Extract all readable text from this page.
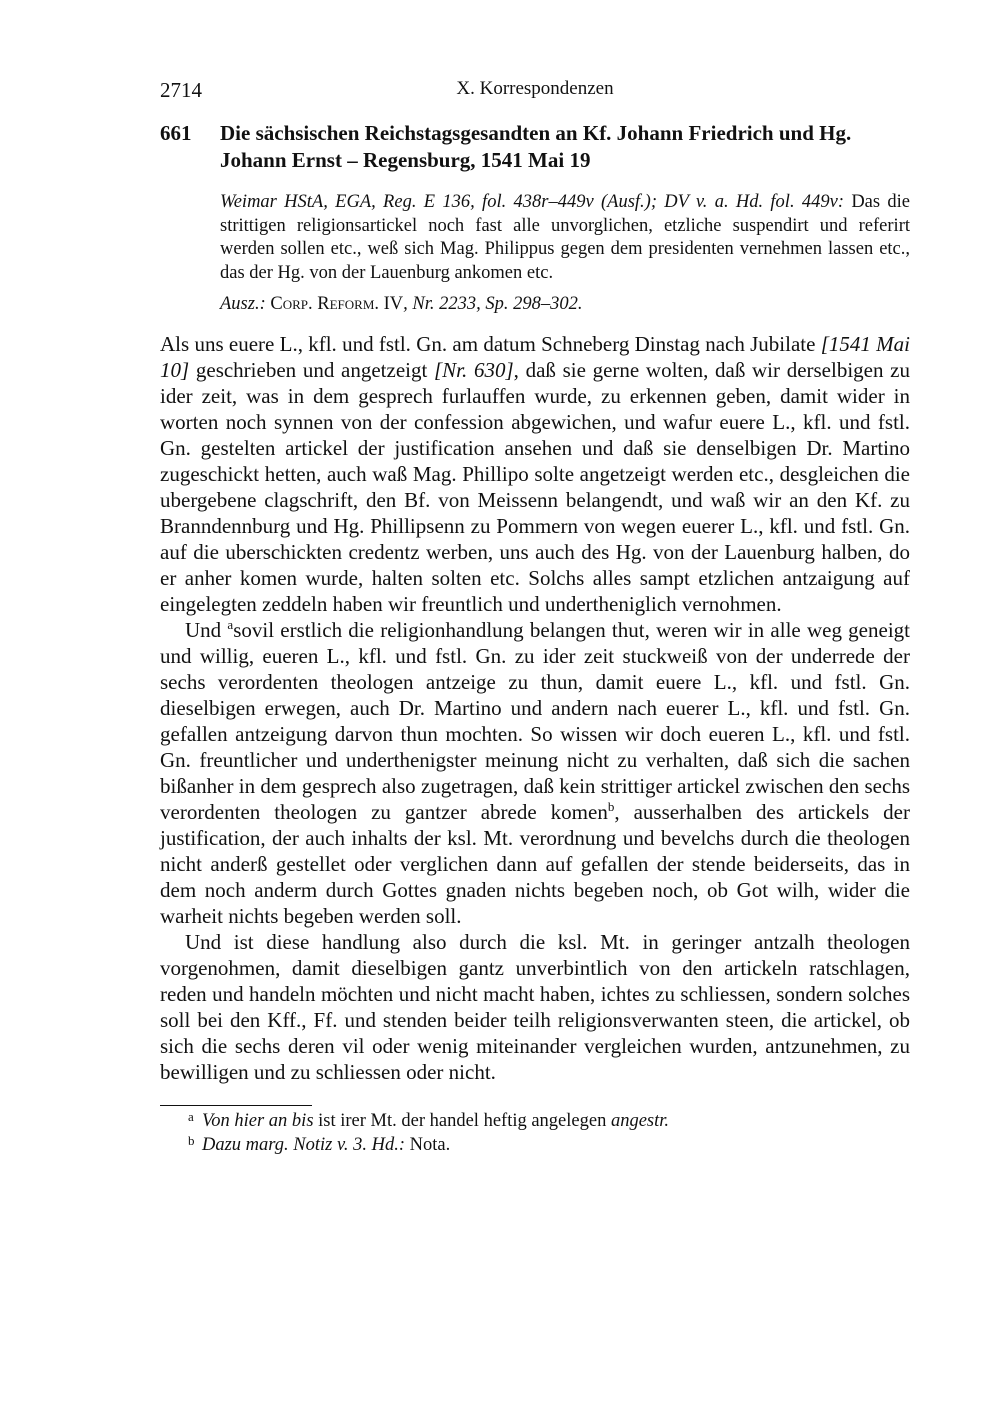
2714	X. Korrespondenzen
661 Die sächsischen Reichstagsgesandten an Kf. Johann Friedrich und Hg. Johann Ernst – Regensburg, 1541 Mai 19

Weimar HStA, EGA, Reg. E 136, fol. 438r–449v (Ausf.); DV v. a. Hd. fol. 449v: Das die strittigen religionsartickel noch fast alle unvorglichen, etzliche suspendirt und referirt werden sollen etc., weß sich Mag. Philippus gegen dem presidenten vernehmen lassen etc., das der Hg. von der Lauenburg ankomen etc.

Ausz.: Corp. Reform. IV, Nr. 2233, Sp. 298–302.

Als uns euere L., kfl. und fstl. Gn. am datum Schneberg Dinstag nach Jubilate [1541 Mai 10] geschrieben und angetzeigt [Nr. 630], daß sie gerne wolten, daß wir derselbigen zu ider zeit, was in dem gesprech furlauffen wurde, zu erkennen geben, damit wider in worten noch synnen von der confession abgewichen, und wafur euere L., kfl. und fstl. Gn. gestelten artickel der justification ansehen und daß sie denselbigen Dr. Martino zugeschickt hetten, auch waß Mag. Phillipo solte angetzeigt werden etc., desgleichen die ubergebene clagschrift, den Bf. von Meissenn belangendt, und waß wir an den Kf. zu Branndennburg und Hg. Phillipsenn zu Pommern von wegen euerer L., kfl. und fstl. Gn. auf die uberschickten credentz werben, uns auch des Hg. von der Lauenburg halben, do er anher komen wurde, halten solten etc. Solchs alles sampt etzlichen antzaigung auf eingelegten zeddeln haben wir freuntlich und undertheniglich vernohmen.

Und $^a$sovil erstlich die religionhandlung belangen thut, weren wir in alle weg geneigt und willig, eueren L., kfl. und fstl. Gn. zu ider zeit stuckweiß von der underrede der sechs verordenten theologen antzeige zu thun, damit euere L., kfl. und fstl. Gn. dieselbigen erwegen, auch Dr. Martino und andern nach euerer L., kfl. und fstl. Gn. gefallen antzeigung darvon thun mochten. So wissen wir doch eueren L., kfl. und fstl. Gn. freuntlicher und underthenigster meinung nicht zu verhalten, daß sich die sachen bißanher in dem gesprech also zugetragen, daß kein strittiger artickel zwischen den sechs verordenten theologen zu gantzer abrede komen$^b$, ausserhalben des artickels der justification, der auch inhalts der ksl. Mt. verordnung und bevelchs durch die theologen nicht anderß gestellet oder verglichen dann auf gefallen der stende beiderseits, das in dem noch anderm durch Gottes gnaden nichts begeben noch, ob Got wilh, wider die warheit nichts begeben werden soll.

Und ist diese handlung also durch die ksl. Mt. in geringer antzalh theologen vorgenohmen, damit dieselbigen gantz unverbintlich von den artickeln ratschlagen, reden und handeln möchten und nicht macht haben, ichtes zu schliessen, sondern solches soll bei den Kff., Ff. und stenden beider teilh religionsverwanten steen, die artickel, ob sich die sechs deren vil oder wenig miteinander vergleichen wurden, antzunehmen, zu bewilligen und zu schliessen oder nicht.

a Von hier an bis ist irer Mt. der handel heftig angelegen angestr.

b Dazu marg. Notiz v. 3. Hd.: Nota.
